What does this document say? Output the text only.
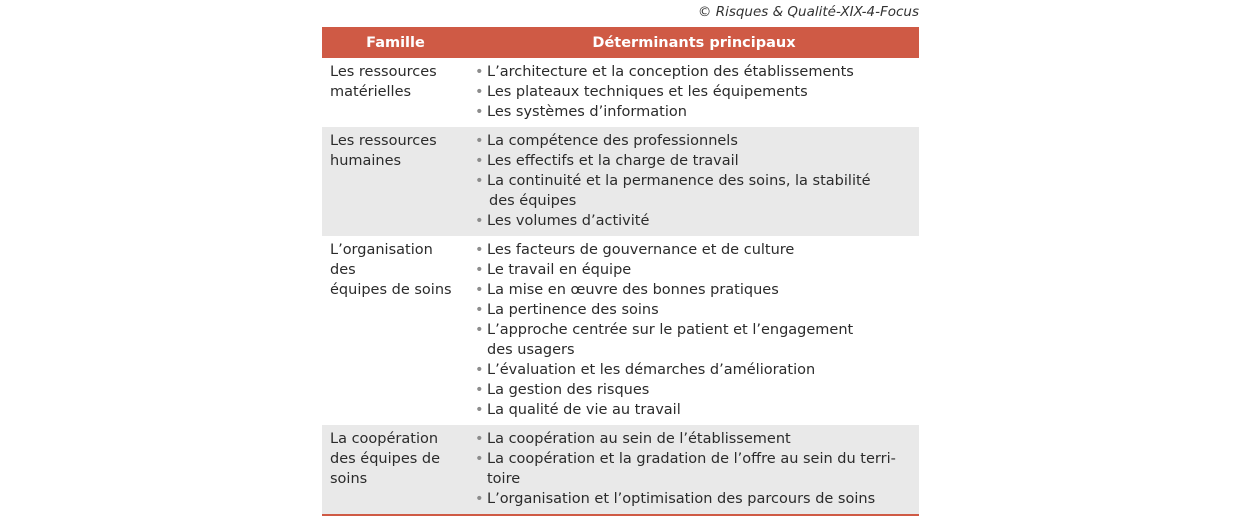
© Risques & Qualité-XIX-4-Focus
Famille	Déterminants principaux
Les ressources
matérielles
• L’architecture et la conception des établissements
• Les plateaux techniques et les équipements
• Les systèmes d’information
Les ressources
humaines
• La compétence des professionnels
• Les effectifs et la charge de travail
• La continuité et la permanence des soins, la stabilité
des équipes
• Les volumes d’activité
L’organisation des
équipes de soins
• Les facteurs de gouvernance et de culture
• Le travail en équipe
• La mise en œuvre des bonnes pratiques
• La pertinence des soins
• L’approche centrée sur le patient et l’engagement
des usagers
• L’évaluation et les démarches d’amélioration
• La gestion des risques
• La qualité de vie au travail
La coopération
des équipes de
soins
• La coopération au sein de l’établissement
• La coopération et la gradation de l’offre au sein du terri-
toire
• L’organisation et l’optimisation des parcours de soins
